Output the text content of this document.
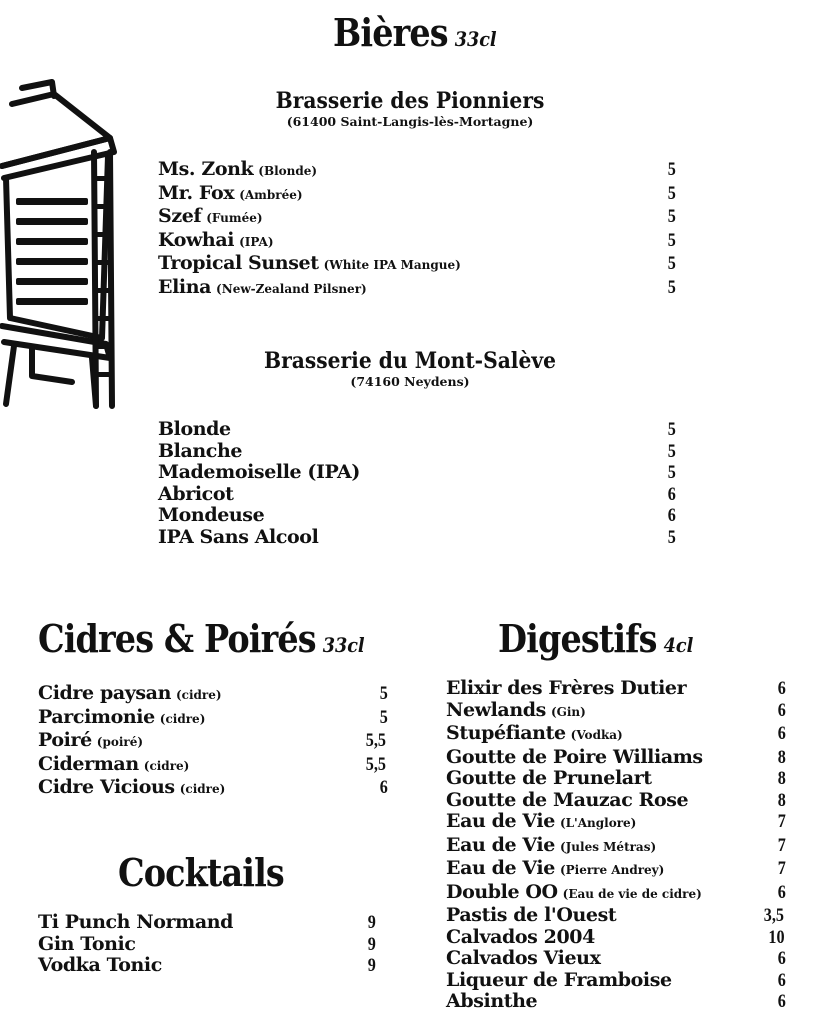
Bières 33cl
Brasserie des Pionniers
(61400 Saint-Langis-lès-Mortagne)
Ms. Zonk (Blonde)	5
Mr. Fox (Ambrée)	5
Szef (Fumée)	5
Kowhai (IPA)	5
Tropical Sunset (White IPA Mangue)	5
Elina (New-Zealand Pilsner)	5
Brasserie du Mont-Salève
(74160 Neydens)
Blonde	5
Blanche	5
Mademoiselle (IPA)	5
Abricot	6
Mondeuse	6
IPA Sans Alcool	5
Cidres & Poirés 33cl
Cidre paysan (cidre)	5
Parcimonie (cidre)	5
Poiré (poiré)	5,5
Ciderman (cidre)	5,5
Cidre Vicious (cidre)	6
Cocktails
Ti Punch Normand	9
Gin Tonic	9
Vodka Tonic	9
Digestifs 4cl
Elixir des Frères Dutier	6
Newlands (Gin)	6
Stupéfiante (Vodka)	6
Goutte de Poire Williams	8
Goutte de Prunelart	8
Goutte de Mauzac Rose	8
Eau de Vie (L'Anglore)	7
Eau de Vie (Jules Métras)	7
Eau de Vie (Pierre Andrey)	7
Double OO (Eau de vie de cidre)	6
Pastis de l'Ouest	3,5
Calvados 2004	10
Calvados Vieux	6
Liqueur de Framboise	6
Absinthe	6
